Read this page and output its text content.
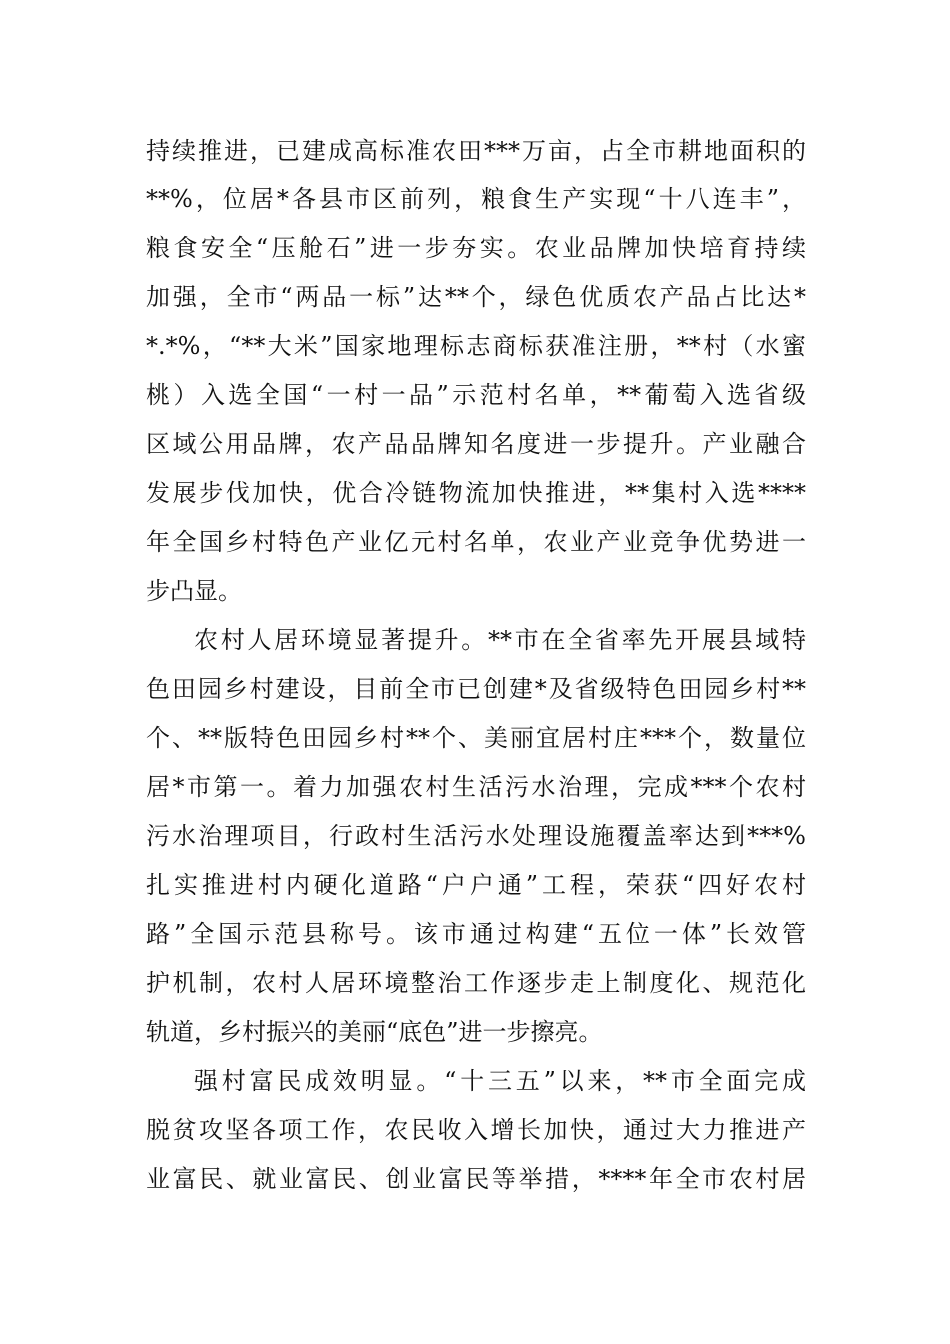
持续推进，已建成高标准农田***万亩，占全市耕地面积的
**%，位居*各县市区前列，粮食生产实现“十八连丰”，
粮食安全“压舱石”进一步夯实。农业品牌加快培育持续
加强，全市“两品一标”达**个，绿色优质农产品占比达*
*.*%，“**大米”国家地理标志商标获准注册，**村（水蜜
桃）入选全国“一村一品”示范村名单，**葡萄入选省级
区域公用品牌，农产品品牌知名度进一步提升。产业融合
发展步伐加快，优合冷链物流加快推进，**集村入选****
年全国乡村特色产业亿元村名单，农业产业竞争优势进一
步凸显。
农村人居环境显著提升。**市在全省率先开展县域特
色田园乡村建设，目前全市已创建*及省级特色田园乡村**
个、**版特色田园乡村**个、美丽宜居村庄***个，数量位
居*市第一。着力加强农村生活污水治理，完成***个农村
污水治理项目，行政村生活污水处理设施覆盖率达到***%
扎实推进村内硬化道路“户户通”工程，荣获“四好农村
路”全国示范县称号。该市通过构建“五位一体”长效管
护机制，农村人居环境整治工作逐步走上制度化、规范化
轨道，乡村振兴的美丽“底色”进一步擦亮。
强村富民成效明显。“十三五”以来，**市全面完成
脱贫攻坚各项工作，农民收入增长加快，通过大力推进产
业富民、就业富民、创业富民等举措，****年全市农村居
